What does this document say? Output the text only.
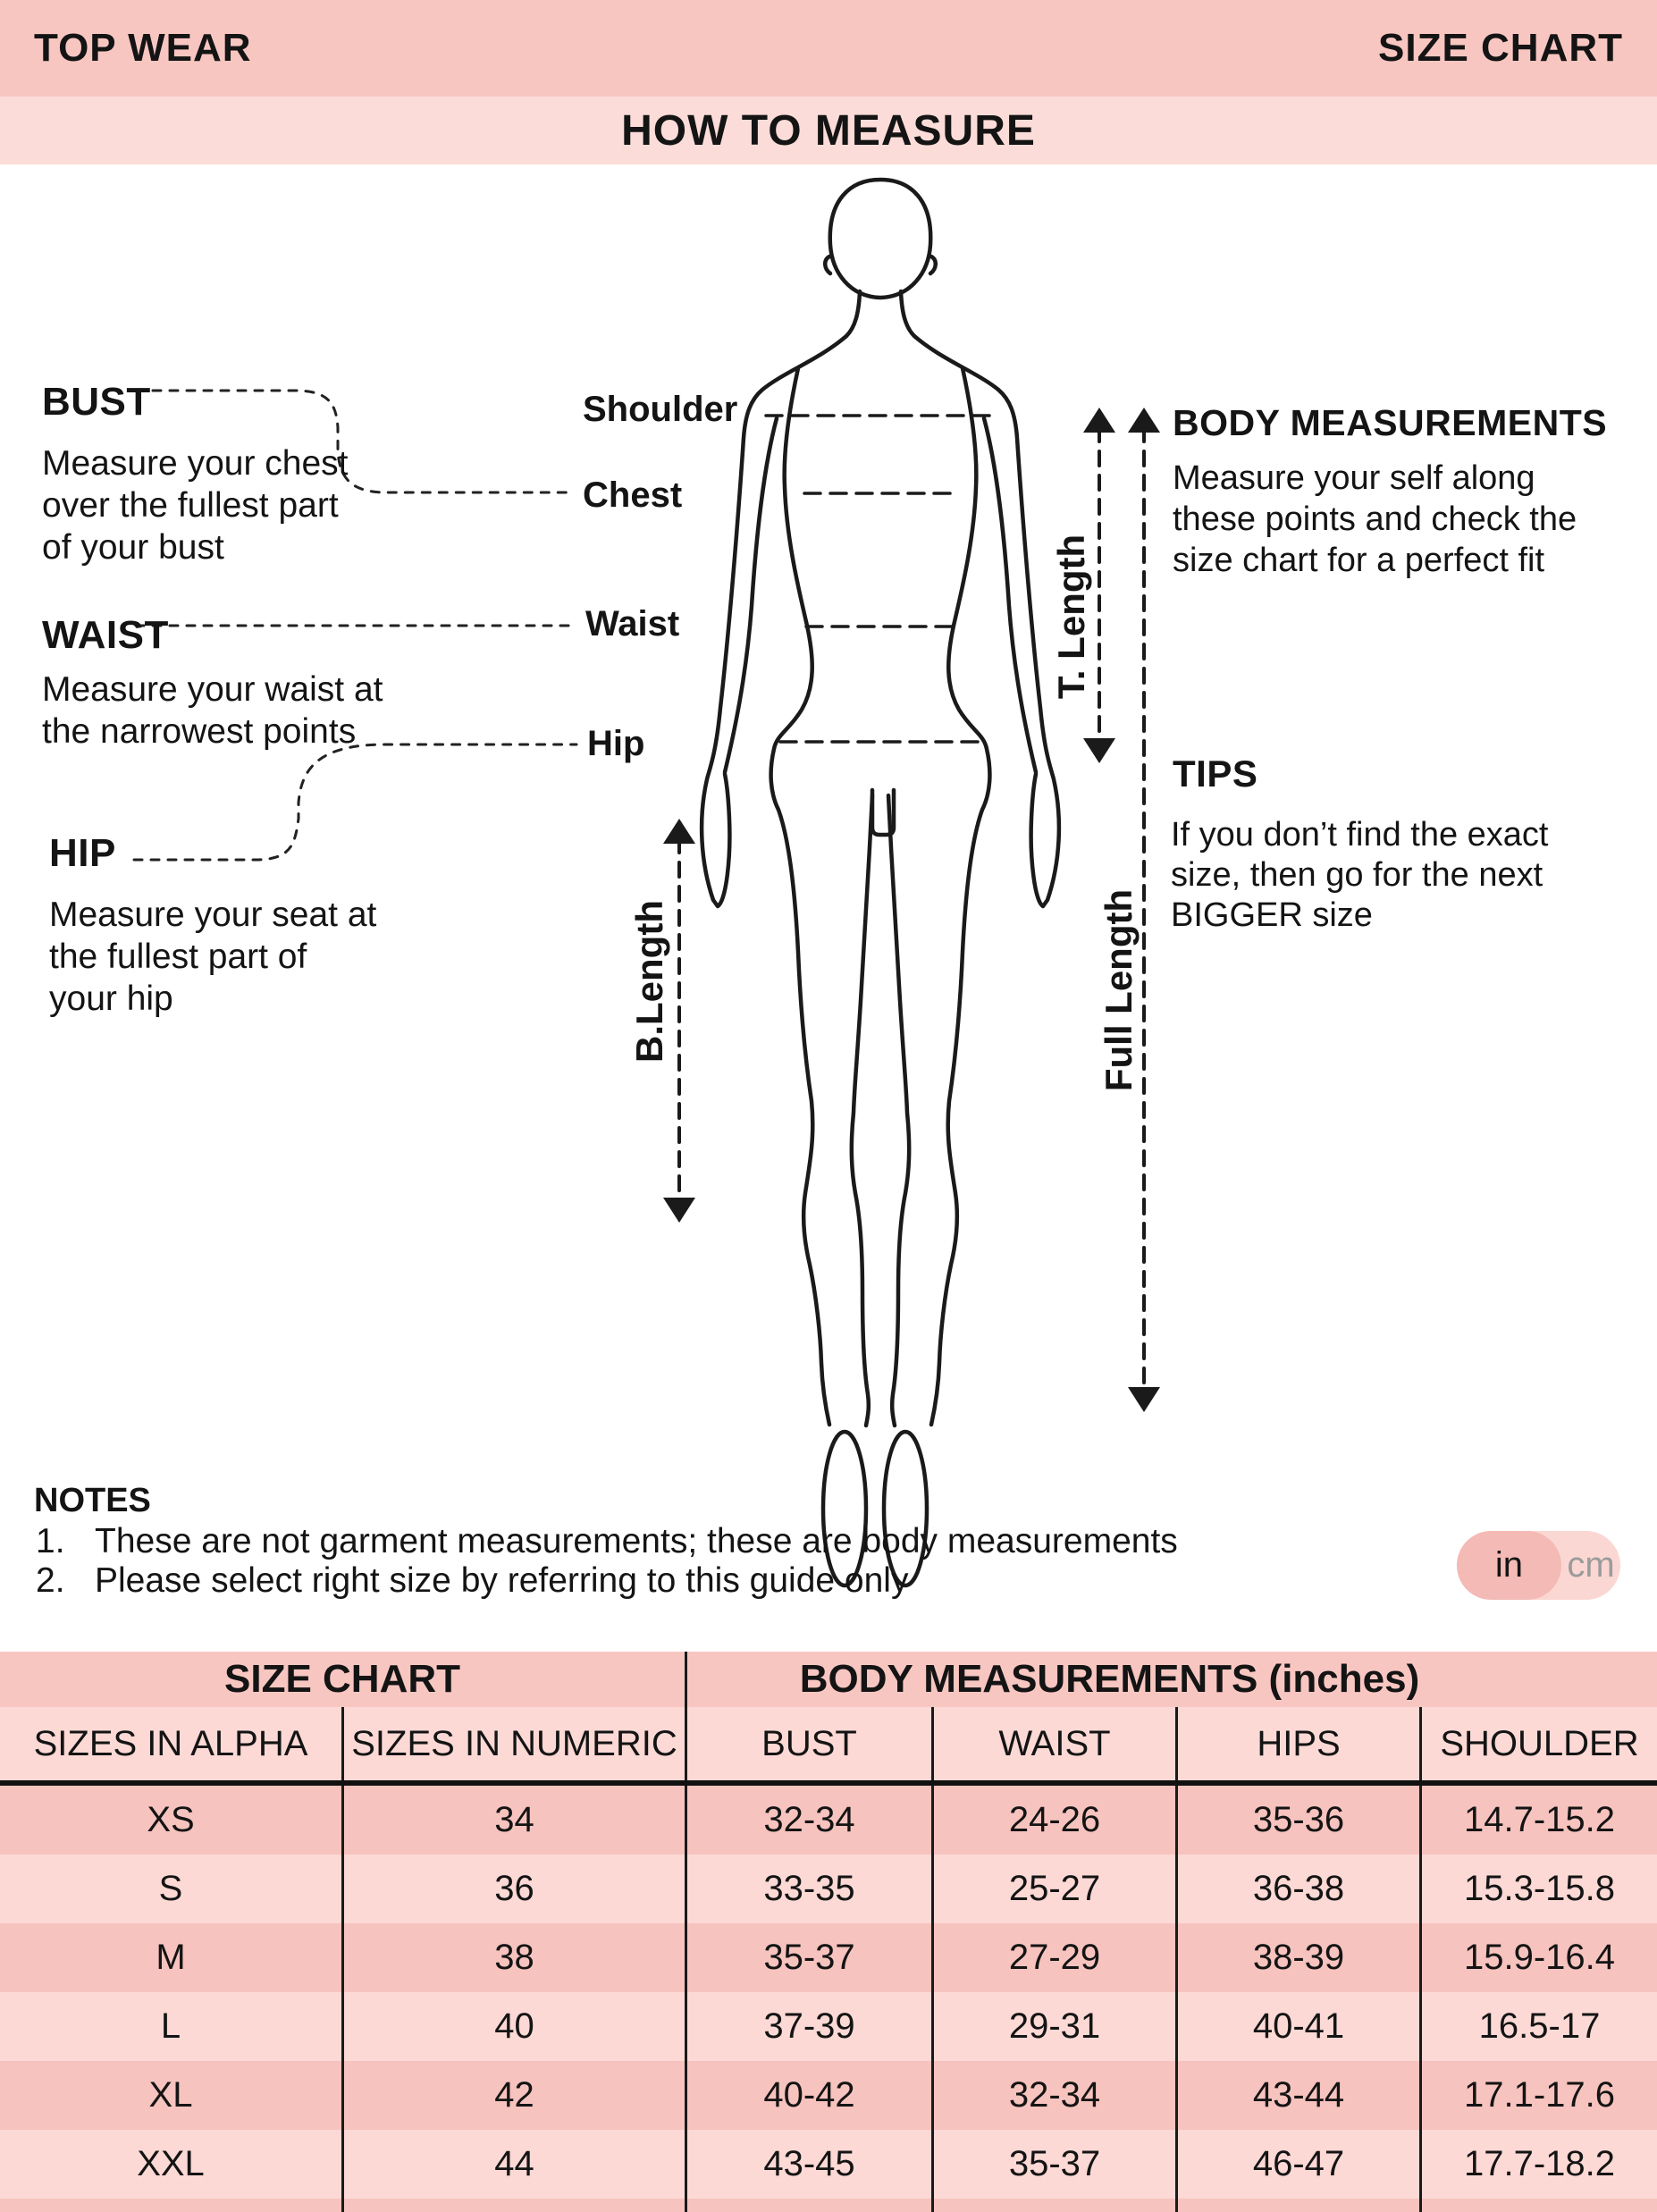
TOP WEAR	SIZE CHART
HOW TO MEASURE
BUST
Measure your chest
over the fullest part
of your bust
WAIST
Measure your waist at
the narrowest points
HIP
Measure your seat at
the fullest part of
your hip
Shoulder
Chest
Waist
Hip
T. Length
B.Length	Full Length
BODY MEASUREMENTS
Measure your self along
these points and check the
size chart for a perfect fit
TIPS
If you don’t find the exact
size, then go for the next
BIGGER size
NOTES
1. These are not garment measurements; these are body measurements
2. Please select right size by referring to this guide only	in	cm
SIZE CHART	BODY MEASUREMENTS (inches)
SIZES IN ALPHA	SIZES IN NUMERIC	BUST	WAIST	HIPS	SHOULDER
XS	34	32-34	24-26	35-36	14.7-15.2
S	36	33-35	25-27	36-38	15.3-15.8
M	38	35-37	27-29	38-39	15.9-16.4
L	40	37-39	29-31	40-41	16.5-17
XL	42	40-42	32-34	43-44	17.1-17.6
XXL	44	43-45	35-37	46-47	17.7-18.2
